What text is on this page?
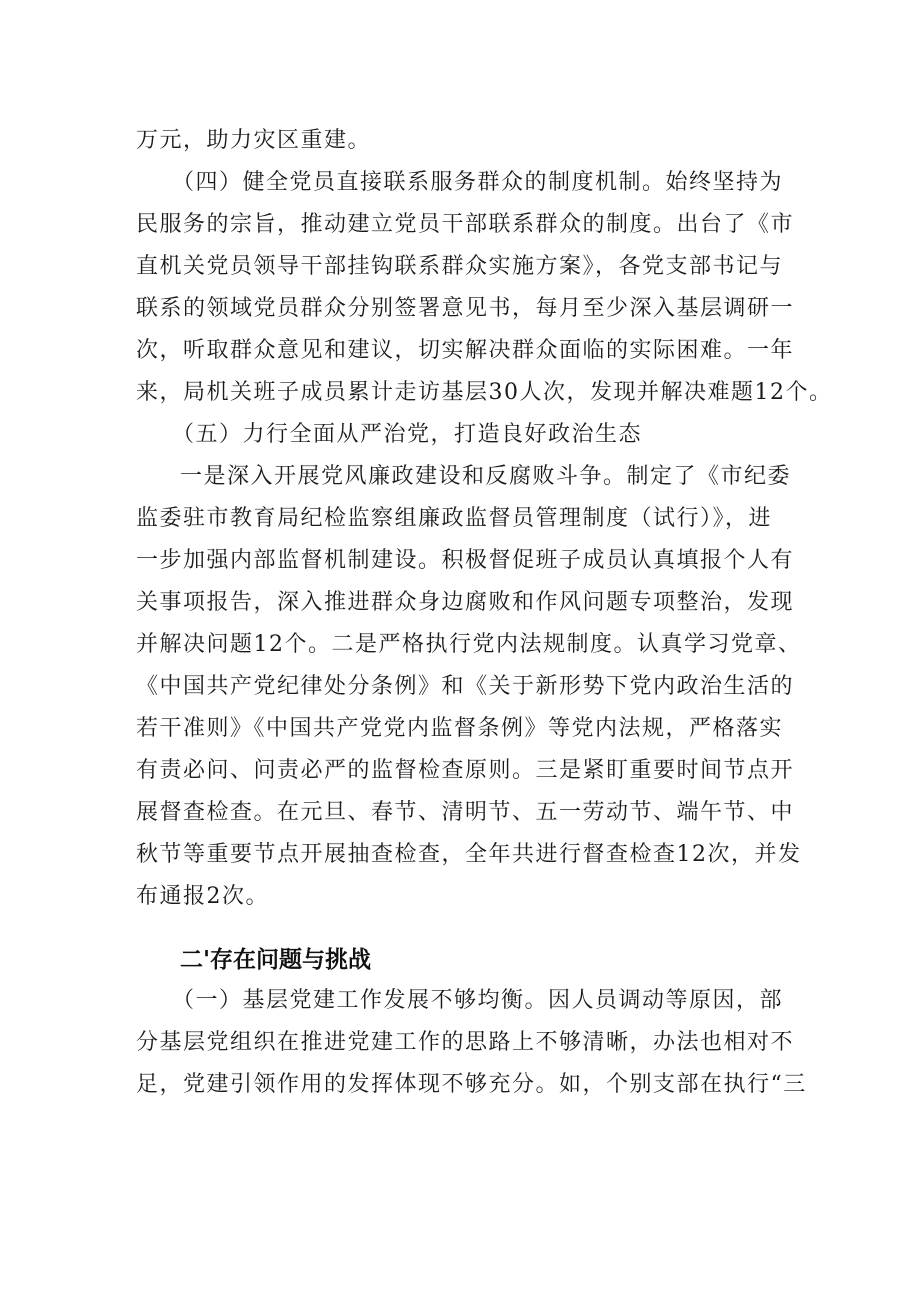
万元，助力灾区重建。
（四）健全党员直接联系服务群众的制度机制。始终坚持为
民服务的宗旨，推动建立党员干部联系群众的制度。出台了《市
直机关党员领导干部挂钩联系群众实施方案》，各党支部书记与
联系的领域党员群众分别签署意见书，每月至少深入基层调研一
次，听取群众意见和建议，切实解决群众面临的实际困难。一年
来，局机关班子成员累计走访基层30人次，发现并解决难题12个。
（五）力行全面从严治党，打造良好政治生态
一是深入开展党风廉政建设和反腐败斗争。制定了《市纪委
监委驻市教育局纪检监察组廉政监督员管理制度（试行）》，进
一步加强内部监督机制建设。积极督促班子成员认真填报个人有
关事项报告，深入推进群众身边腐败和作风问题专项整治，发现
并解决问题12个。二是严格执行党内法规制度。认真学习党章、
《中国共产党纪律处分条例》和《关于新形势下党内政治生活的
若干准则》《中国共产党党内监督条例》等党内法规，严格落实
有责必问、问责必严的监督检查原则。三是紧盯重要时间节点开
展督查检查。在元旦、春节、清明节、五一劳动节、端午节、中
秋节等重要节点开展抽查检查，全年共进行督查检查12次，并发
布通报2次。
二'存在问题与挑战
（一）基层党建工作发展不够均衡。因人员调动等原因，部
分基层党组织在推进党建工作的思路上不够清晰，办法也相对不
足，党建引领作用的发挥体现不够充分。如，个别支部在执行“三
